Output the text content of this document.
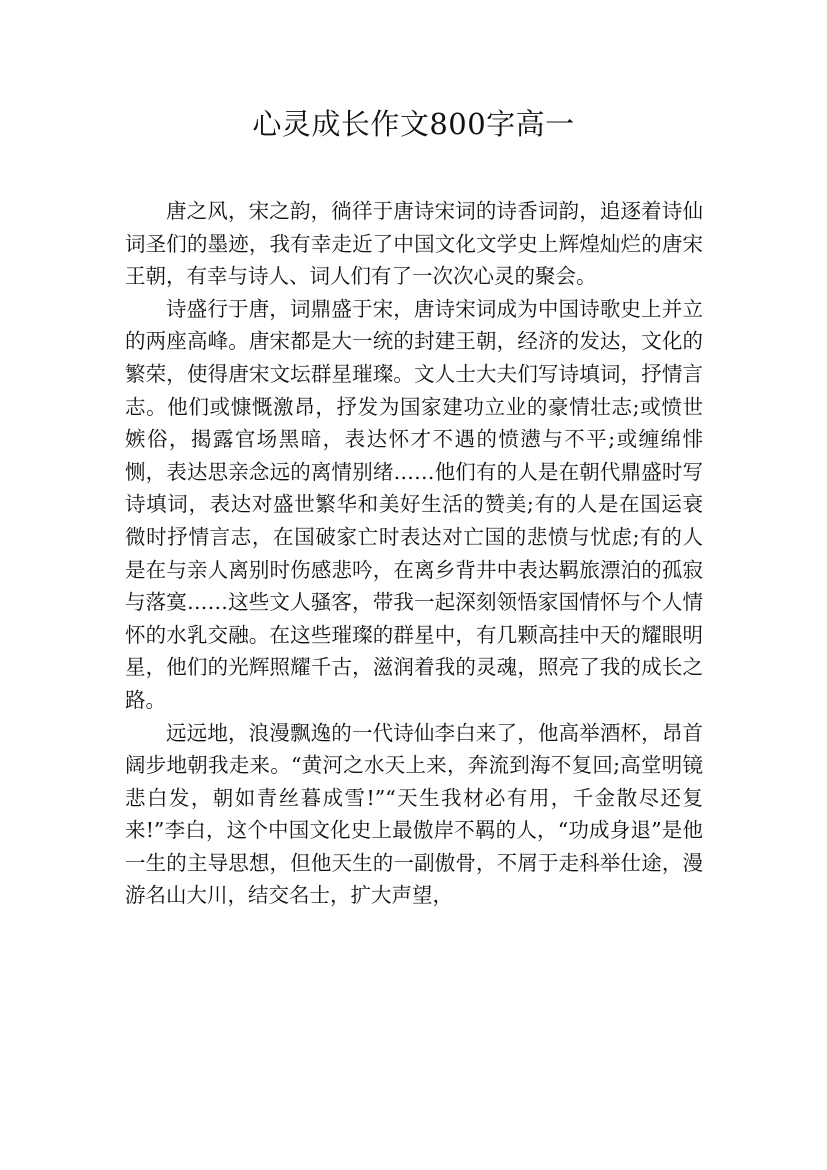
心灵成长作文800字高一

唐之风，宋之韵，徜徉于唐诗宋词的诗香词韵，追逐着诗仙词圣们的墨迹，我有幸走近了中国文化文学史上辉煌灿烂的唐宋王朝，有幸与诗人、词人们有了一次次心灵的聚会。

诗盛行于唐，词鼎盛于宋，唐诗宋词成为中国诗歌史上并立的两座高峰。唐宋都是大一统的封建王朝，经济的发达，文化的繁荣，使得唐宋文坛群星璀璨。文人士大夫们写诗填词，抒情言志。他们或慷慨激昂，抒发为国家建功立业的豪情壮志;或愤世嫉俗，揭露官场黑暗，表达怀才不遇的愤懑与不平;或缠绵悱恻，表达思亲念远的离情别绪……他们有的人是在朝代鼎盛时写诗填词，表达对盛世繁华和美好生活的赞美;有的人是在国运衰微时抒情言志，在国破家亡时表达对亡国的悲愤与忧虑;有的人是在与亲人离别时伤感悲吟，在离乡背井中表达羁旅漂泊的孤寂与落寞……这些文人骚客，带我一起深刻领悟家国情怀与个人情怀的水乳交融。在这些璀璨的群星中，有几颗高挂中天的耀眼明星，他们的光辉照耀千古，滋润着我的灵魂，照亮了我的成长之路。

远远地，浪漫飘逸的一代诗仙李白来了，他高举酒杯，昂首阔步地朝我走来。“黄河之水天上来，奔流到海不复回;高堂明镜悲白发，朝如青丝暮成雪!”“天生我材必有用，千金散尽还复来!”李白，这个中国文化史上最傲岸不羁的人，“功成身退”是他一生的主导思想，但他天生的一副傲骨，不屑于走科举仕途，漫游名山大川，结交名士，扩大声望，
